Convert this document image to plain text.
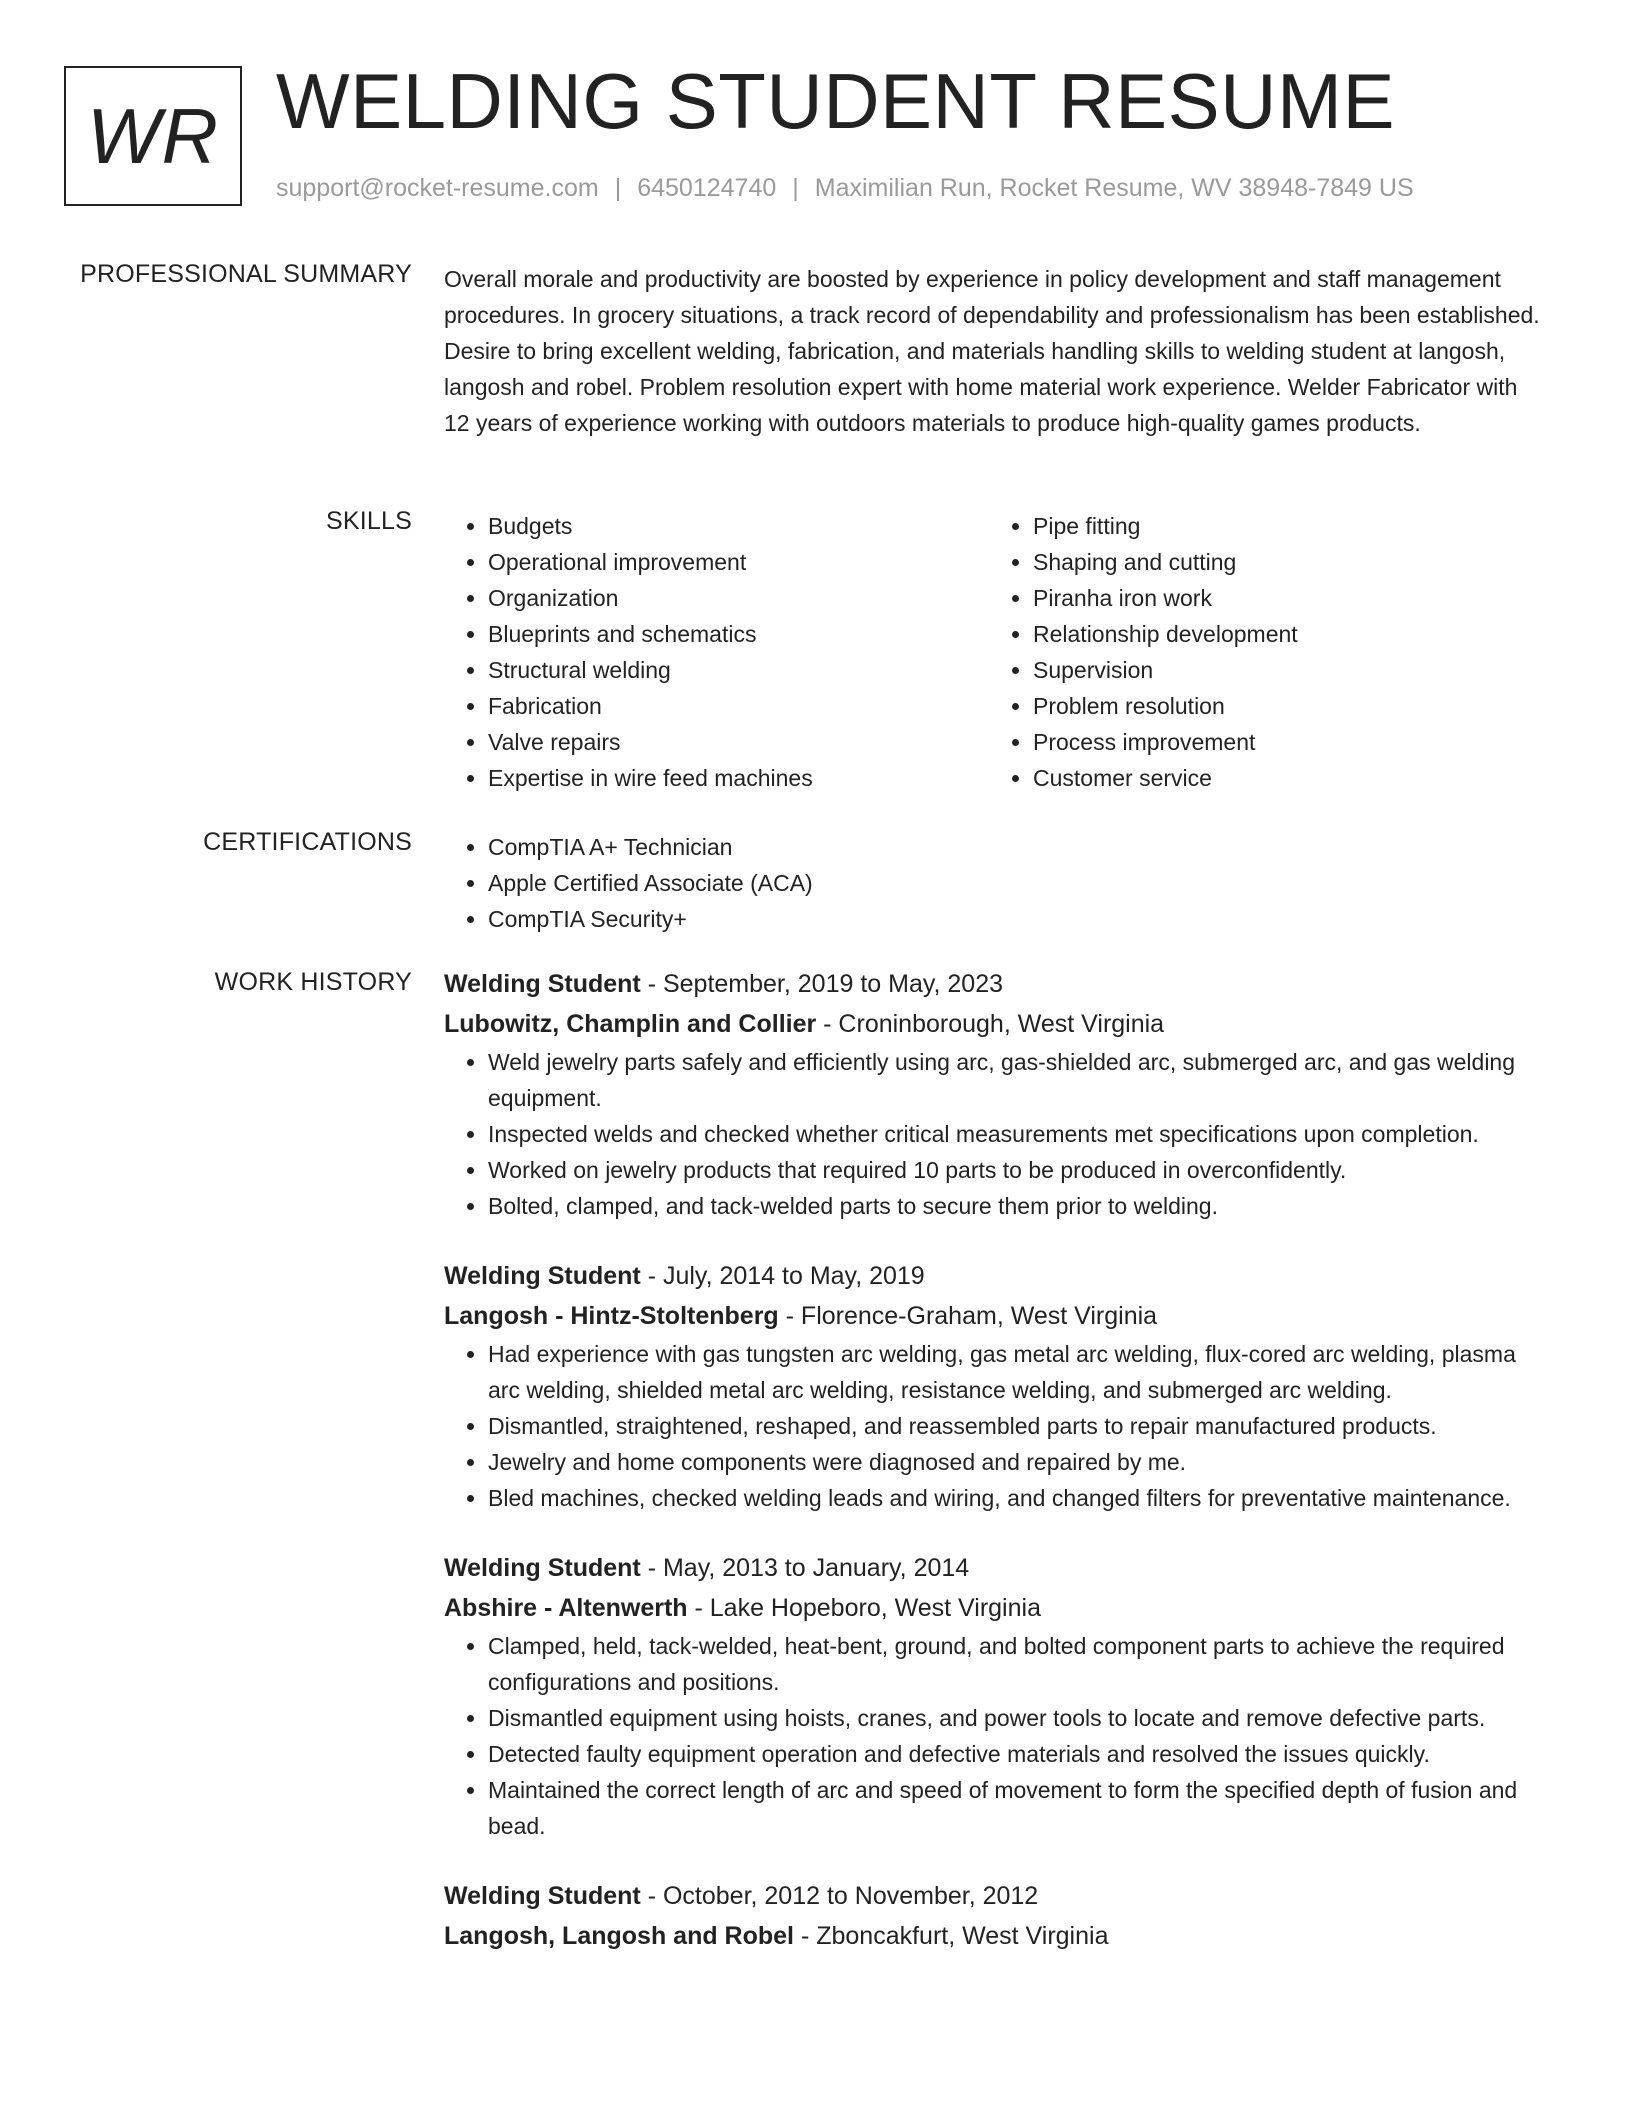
WR WELDING STUDENT RESUME
support@rocket-resume.com | 6450124740 | Maximilian Run, Rocket Resume, WV 38948-7849 US
PROFESSIONAL SUMMARY Overall morale and productivity are boosted by experience in policy development and staff management procedures. In grocery situations, a track record of dependability and professionalism has been established. Desire to bring excellent welding, fabrication, and materials handling skills to welding student at langosh, langosh and robel. Problem resolution expert with home material work experience. Welder Fabricator with 12 years of experience working with outdoors materials to produce high-quality games products.

SKILLS	• Budgets
• Operational improvement
• Organization
• Blueprints and schematics
• Structural welding
• Fabrication
• Valve repairs
• Expertise in wire feed machines
• Pipe fitting
• Shaping and cutting
• Piranha iron work
• Relationship development
• Supervision
• Problem resolution
• Process improvement
• Customer service
CERTIFICATIONS	• CompTIA A+ Technician
• Apple Certified Associate (ACA)
• CompTIA Security+
WORK HISTORY Welding Student - September, 2019 to May, 2023
Lubowitz, Champlin and Collier - Croninborough, West Virginia
• Weld jewelry parts safely and efficiently using arc, gas-shielded arc, submerged arc, and gas welding equipment.
• Inspected welds and checked whether critical measurements met specifications upon completion.
• Worked on jewelry products that required 10 parts to be produced in overconfidently.
• Bolted, clamped, and tack-welded parts to secure them prior to welding.
Welding Student - July, 2014 to May, 2019
Langosh - Hintz-Stoltenberg - Florence-Graham, West Virginia
• Had experience with gas tungsten arc welding, gas metal arc welding, flux-cored arc welding, plasma arc welding, shielded metal arc welding, resistance welding, and submerged arc welding.
• Dismantled, straightened, reshaped, and reassembled parts to repair manufactured products.
• Jewelry and home components were diagnosed and repaired by me.
• Bled machines, checked welding leads and wiring, and changed filters for preventative maintenance.
Welding Student - May, 2013 to January, 2014
Abshire - Altenwerth - Lake Hopeboro, West Virginia
• Clamped, held, tack-welded, heat-bent, ground, and bolted component parts to achieve the required configurations and positions.
• Dismantled equipment using hoists, cranes, and power tools to locate and remove defective parts.
• Detected faulty equipment operation and defective materials and resolved the issues quickly.
• Maintained the correct length of arc and speed of movement to form the specified depth of fusion and bead.
Welding Student - October, 2012 to November, 2012
Langosh, Langosh and Robel - Zboncakfurt, West Virginia
